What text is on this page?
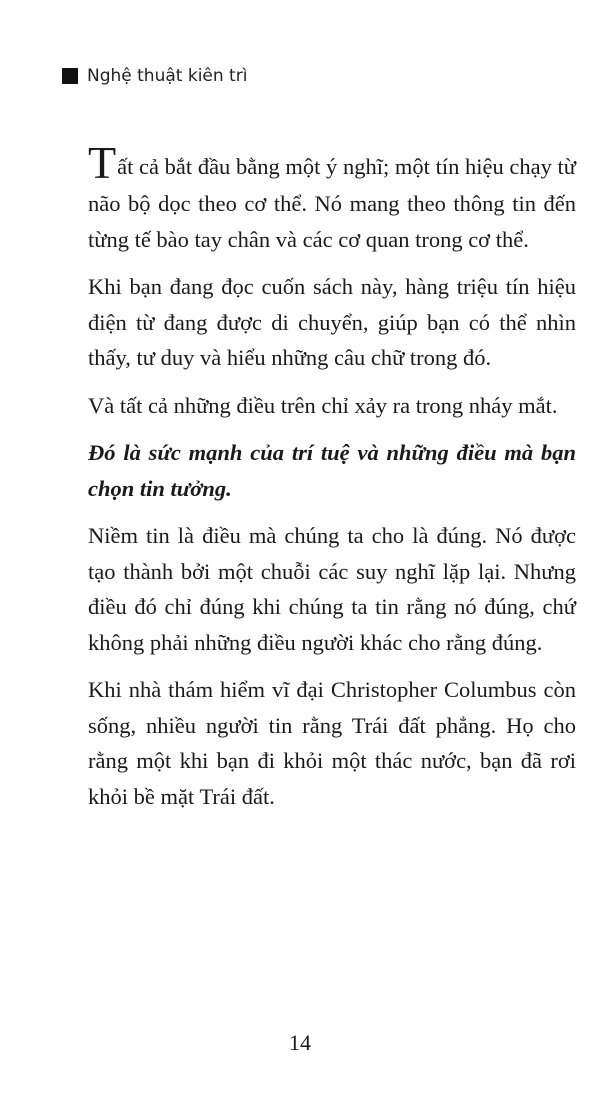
Nghệ thuật kiên trì

Tất cả bắt đầu bằng một ý nghĩ; một tín hiệu chạy từ não bộ dọc theo cơ thể. Nó mang theo thông tin đến từng tế bào tay chân và các cơ quan trong cơ thể.

Khi bạn đang đọc cuốn sách này, hàng triệu tín hiệu điện từ đang được di chuyển, giúp bạn có thể nhìn thấy, tư duy và hiểu những câu chữ trong đó.

Và tất cả những điều trên chỉ xảy ra trong nháy mắt.

Đó là sức mạnh của trí tuệ và những điều mà bạn chọn tin tưởng.

Niềm tin là điều mà chúng ta cho là đúng. Nó được tạo thành bởi một chuỗi các suy nghĩ lặp lại. Nhưng điều đó chỉ đúng khi chúng ta tin rằng nó đúng, chứ không phải những điều người khác cho rằng đúng.

Khi nhà thám hiểm vĩ đại Christopher Columbus còn sống, nhiều người tin rằng Trái đất phẳng. Họ cho rằng một khi bạn đi khỏi một thác nước, bạn đã rơi khỏi bề mặt Trái đất.

14
